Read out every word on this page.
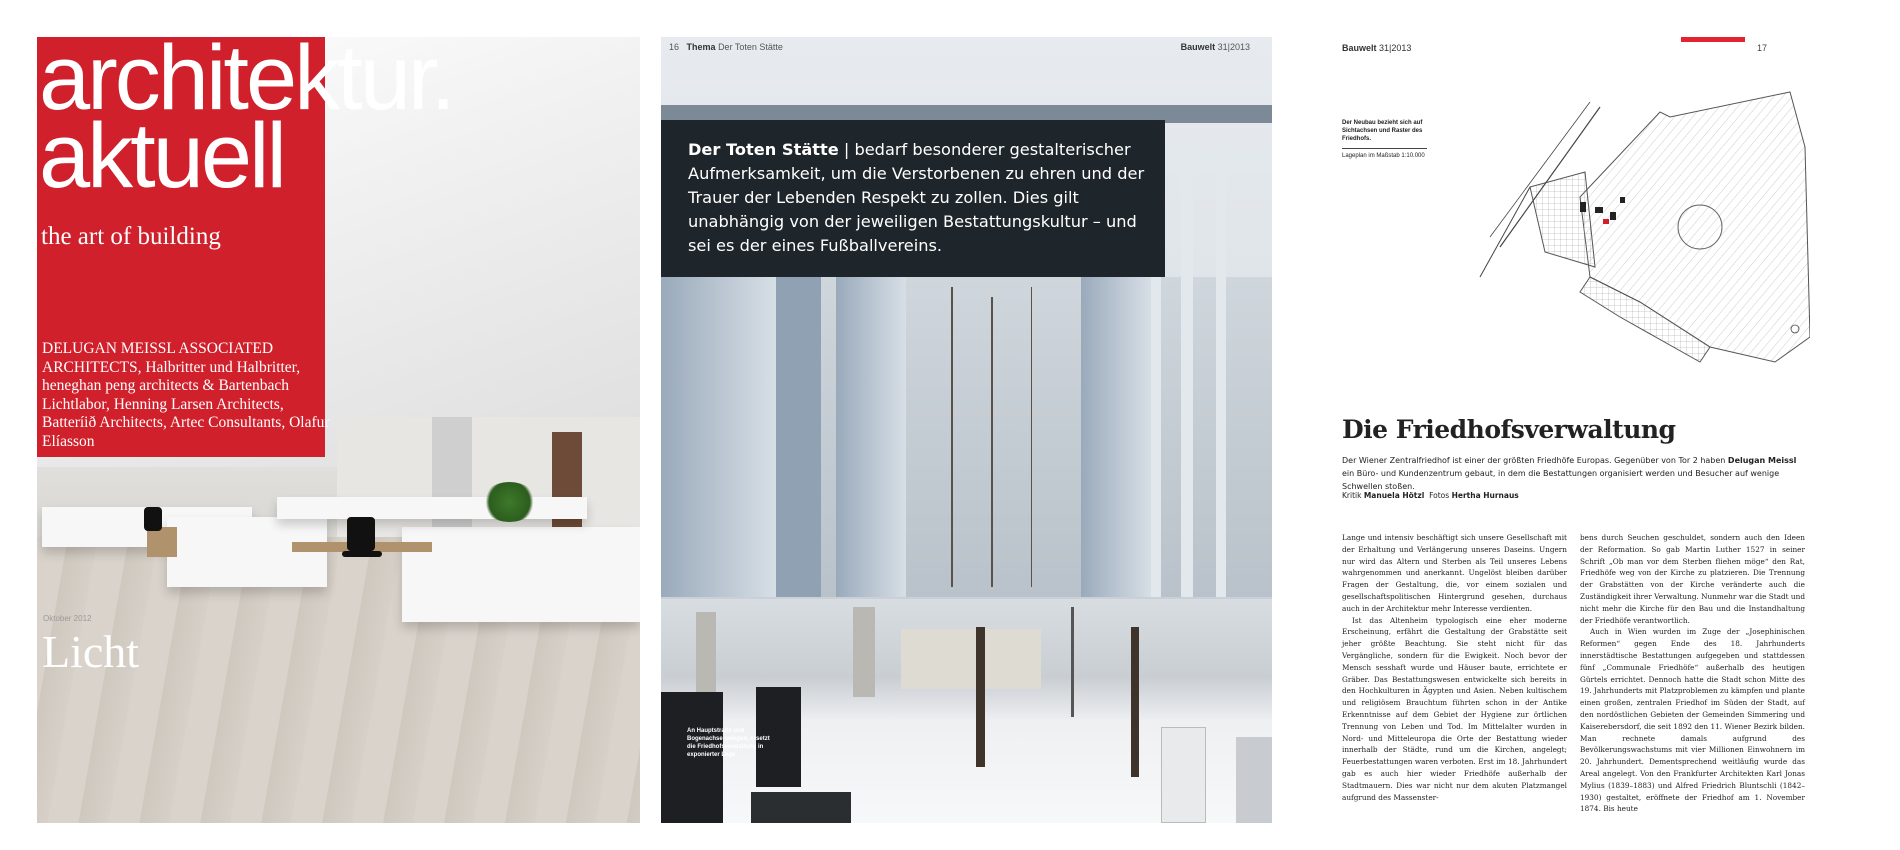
architektur.
aktuell
the art of building
DELUGAN MEISSL ASSOCIATED ARCHITECTS, Halbritter und Halbritter, heneghan peng architects & Bartenbach Lichtlabor, Henning Larsen Architects, Batteríið Architects, Artec Consultants, Olafur Elíasson
Oktober 2012
Licht
16 Thema Der Toten Stätte	Bauwelt 31|2013
Der Toten Stätte | bedarf besonderer gestalterischer Aufmerksamkeit, um die Verstorbenen zu ehren und der Trauer der Lebenden Respekt zu zollen. Dies gilt unabhängig von der jeweiligen Bestattungskultur – und sei es der eines Fußballvereins.
An Hauptstraße und Bogenachse gelegen, ersetzt die Friedhofsverwaltung in exponierter Lage
Bauwelt 31|2013	17
Der Neubau bezieht sich auf Sichtachsen und Raster des Friedhofs.
Lageplan im Maßstab 1:10.000
Die Friedhofsverwaltung
Der Wiener Zentralfriedhof ist einer der größten Friedhöfe Europas. Gegenüber von Tor 2 haben Delugan Meissl ein Büro- und Kundenzentrum gebaut, in dem die Bestattungen organisiert werden und Besucher auf wenige Schwellen stoßen.
Kritik Manuela Hötzl Fotos Hertha Hurnaus

Lange und intensiv beschäftigt sich unsere Gesellschaft mit der Erhaltung und Verlängerung unseres Daseins. Ungern nur wird das Altern und Sterben als Teil unseres Lebens wahrgenommen und anerkannt. Ungelöst bleiben darüber Fragen der Gestaltung, die, vor einem sozialen und gesellschaftspolitischen Hintergrund gesehen, durchaus auch in der Architektur mehr Interesse verdienten.

Ist das Altenheim typologisch eine eher moderne Erscheinung, erfährt die Gestaltung der Grabstätte seit jeher größte Beachtung. Sie steht nicht für das Vergängliche, sondern für die Ewigkeit. Noch bevor der Mensch sesshaft wurde und Häuser baute, errichtete er Gräber. Das Bestattungswesen entwickelte sich bereits in den Hochkulturen in Ägypten und Asien. Neben kultischem und religiösem Brauchtum führten schon in der Antike Erkenntnisse auf dem Gebiet der Hygiene zur örtlichen Trennung von Leben und Tod. Im Mittelalter wurden in Nord- und Mitteleuropa die Orte der Bestattung wieder innerhalb der Städte, rund um die Kirchen, angelegt; Feuerbestattungen waren verboten. Erst im 18. Jahrhundert gab es auch hier wieder Friedhöfe außerhalb der Stadtmauern. Dies war nicht nur dem akuten Platzmangel aufgrund des Massenster-

bens durch Seuchen geschuldet, sondern auch den Ideen der Reformation. So gab Martin Luther 1527 in seiner Schrift „Ob man vor dem Sterben fliehen möge“ den Rat, Friedhöfe weg von der Kirche zu platzieren. Die Trennung der Grabstätten von der Kirche veränderte auch die Zuständigkeit ihrer Verwaltung. Nunmehr war die Stadt und nicht mehr die Kirche für den Bau und die Instandhaltung der Friedhöfe verantwortlich.

Auch in Wien wurden im Zuge der „Josephinischen Reformen“ gegen Ende des 18. Jahrhunderts innerstädtische Bestattungen aufgegeben und stattdessen fünf „Communale Friedhöfe“ außerhalb des heutigen Gürtels errichtet. Dennoch hatte die Stadt schon Mitte des 19. Jahrhunderts mit Platzproblemen zu kämpfen und plante einen großen, zentralen Friedhof im Süden der Stadt, auf den nordöstlichen Gebieten der Gemeinden Simmering und Kaiserebersdorf, die seit 1892 den 11. Wiener Bezirk bilden. Man rechnete damals aufgrund des Bevölkerungswachstums mit vier Millionen Einwohnern im 20. Jahrhundert. Dementsprechend weitläufig wurde das Areal angelegt. Von den Frankfurter Architekten Karl Jonas Mylius (1839–1883) und Alfred Friedrich Bluntschli (1842–1930) gestaltet, eröffnete der Friedhof am 1. November 1874. Bis heute
